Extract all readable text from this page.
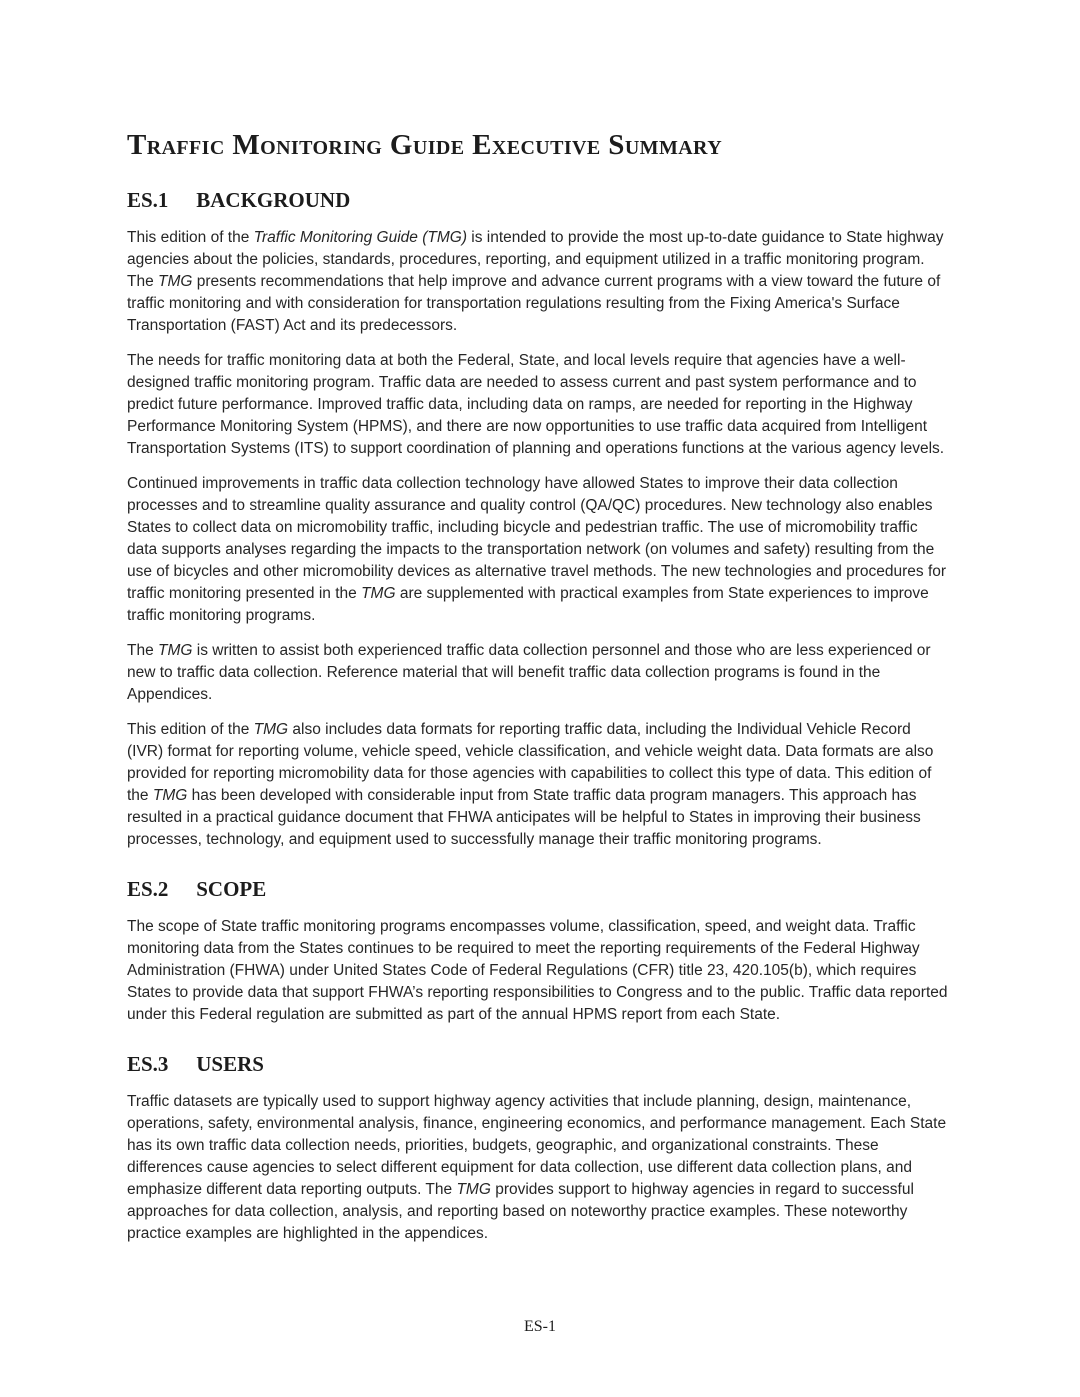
Traffic Monitoring Guide Executive Summary
ES.1 BACKGROUND

This edition of the Traffic Monitoring Guide (TMG) is intended to provide the most up-to-date guidance to State highway agencies about the policies, standards, procedures, reporting, and equipment utilized in a traffic monitoring program. The TMG presents recommendations that help improve and advance current programs with a view toward the future of traffic monitoring and with consideration for transportation regulations resulting from the Fixing America's Surface Transportation (FAST) Act and its predecessors.

The needs for traffic monitoring data at both the Federal, State, and local levels require that agencies have a well-designed traffic monitoring program. Traffic data are needed to assess current and past system performance and to predict future performance. Improved traffic data, including data on ramps, are needed for reporting in the Highway Performance Monitoring System (HPMS), and there are now opportunities to use traffic data acquired from Intelligent Transportation Systems (ITS) to support coordination of planning and operations functions at the various agency levels.

Continued improvements in traffic data collection technology have allowed States to improve their data collection processes and to streamline quality assurance and quality control (QA/QC) procedures. New technology also enables States to collect data on micromobility traffic, including bicycle and pedestrian traffic. The use of micromobility traffic data supports analyses regarding the impacts to the transportation network (on volumes and safety) resulting from the use of bicycles and other micromobility devices as alternative travel methods. The new technologies and procedures for traffic monitoring presented in the TMG are supplemented with practical examples from State experiences to improve traffic monitoring programs.

The TMG is written to assist both experienced traffic data collection personnel and those who are less experienced or new to traffic data collection. Reference material that will benefit traffic data collection programs is found in the Appendices.

This edition of the TMG also includes data formats for reporting traffic data, including the Individual Vehicle Record (IVR) format for reporting volume, vehicle speed, vehicle classification, and vehicle weight data. Data formats are also provided for reporting micromobility data for those agencies with capabilities to collect this type of data. This edition of the TMG has been developed with considerable input from State traffic data program managers. This approach has resulted in a practical guidance document that FHWA anticipates will be helpful to States in improving their business processes, technology, and equipment used to successfully manage their traffic monitoring programs.

ES.2 SCOPE

The scope of State traffic monitoring programs encompasses volume, classification, speed, and weight data. Traffic monitoring data from the States continues to be required to meet the reporting requirements of the Federal Highway Administration (FHWA) under United States Code of Federal Regulations (CFR) title 23, 420.105(b), which requires States to provide data that support FHWA’s reporting responsibilities to Congress and to the public. Traffic data reported under this Federal regulation are submitted as part of the annual HPMS report from each State.

ES.3 USERS

Traffic datasets are typically used to support highway agency activities that include planning, design, maintenance, operations, safety, environmental analysis, finance, engineering economics, and performance management. Each State has its own traffic data collection needs, priorities, budgets, geographic, and organizational constraints. These differences cause agencies to select different equipment for data collection, use different data collection plans, and emphasize different data reporting outputs. The TMG provides support to highway agencies in regard to successful approaches for data collection, analysis, and reporting based on noteworthy practice examples. These noteworthy practice examples are highlighted in the appendices.

ES-1
